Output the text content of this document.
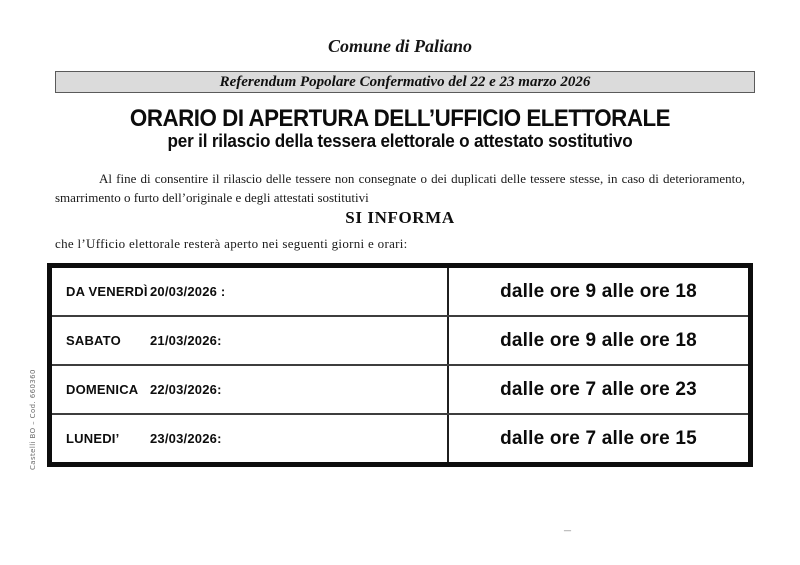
Comune di Paliano
Referendum Popolare Confermativo del 22 e 23 marzo 2026
ORARIO DI APERTURA DELL’UFFICIO ELETTORALE
per il rilascio della tessera elettorale o attestato sostitutivo
Al fine di consentire il rilascio delle tessere non consegnate o dei duplicati delle tessere stesse, in caso di deterioramento, smarrimento o furto dell’originale e degli attestati sostitutivi
SI INFORMA
che l’Ufficio elettorale resterà aperto nei seguenti giorni e orari:
DA VENERDÌ 20/03/2026 :	dalle ore 9 alle ore 18
SABATO	21/03/2026:	dalle ore 9 alle ore 18
DOMENICA 22/03/2026:	dalle ore 7 alle ore 23
LUNEDI’	23/03/2026:	dalle ore 7 alle ore 15
Castelli BO – Cod. 660360
–
